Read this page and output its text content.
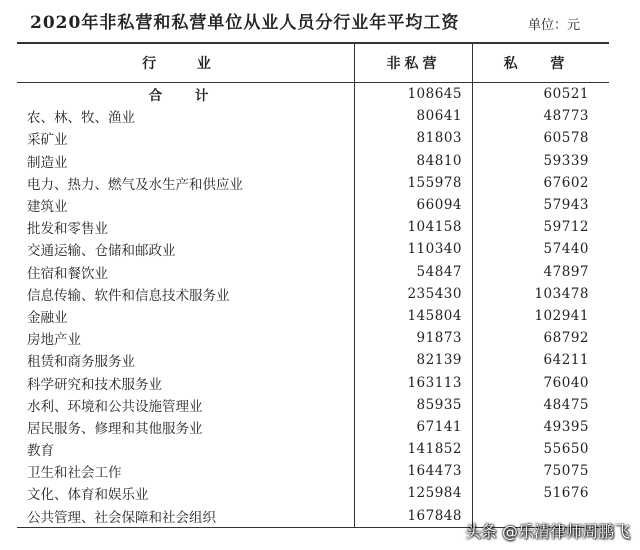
2020年非私营和私营单位从业人员分行业年平均工资	单位：元
行 业	非私营	私 营
合 计	108645	60521
农、林、牧、渔业	80641	48773
采矿业	81803	60578
制造业	84810	59339
电力、热力、燃气及水生产和供应业	155978	67602
建筑业	66094	57943
批发和零售业	104158	59712
交通运输、仓储和邮政业	110340	57440
住宿和餐饮业	54847	47897
信息传输、软件和信息技术服务业	235430	103478
金融业	145804	102941
房地产业	91873	68792
租赁和商务服务业	82139	64211
科学研究和技术服务业	163113	76040
水利、环境和公共设施管理业	85935	48475
居民服务、修理和其他服务业	67141	49395
教育	141852	55650
卫生和社会工作	164473	75075
文化、体育和娱乐业	125984	51676
公共管理、社会保障和社会组织	167848
头条 @乐清律师周鹏飞
